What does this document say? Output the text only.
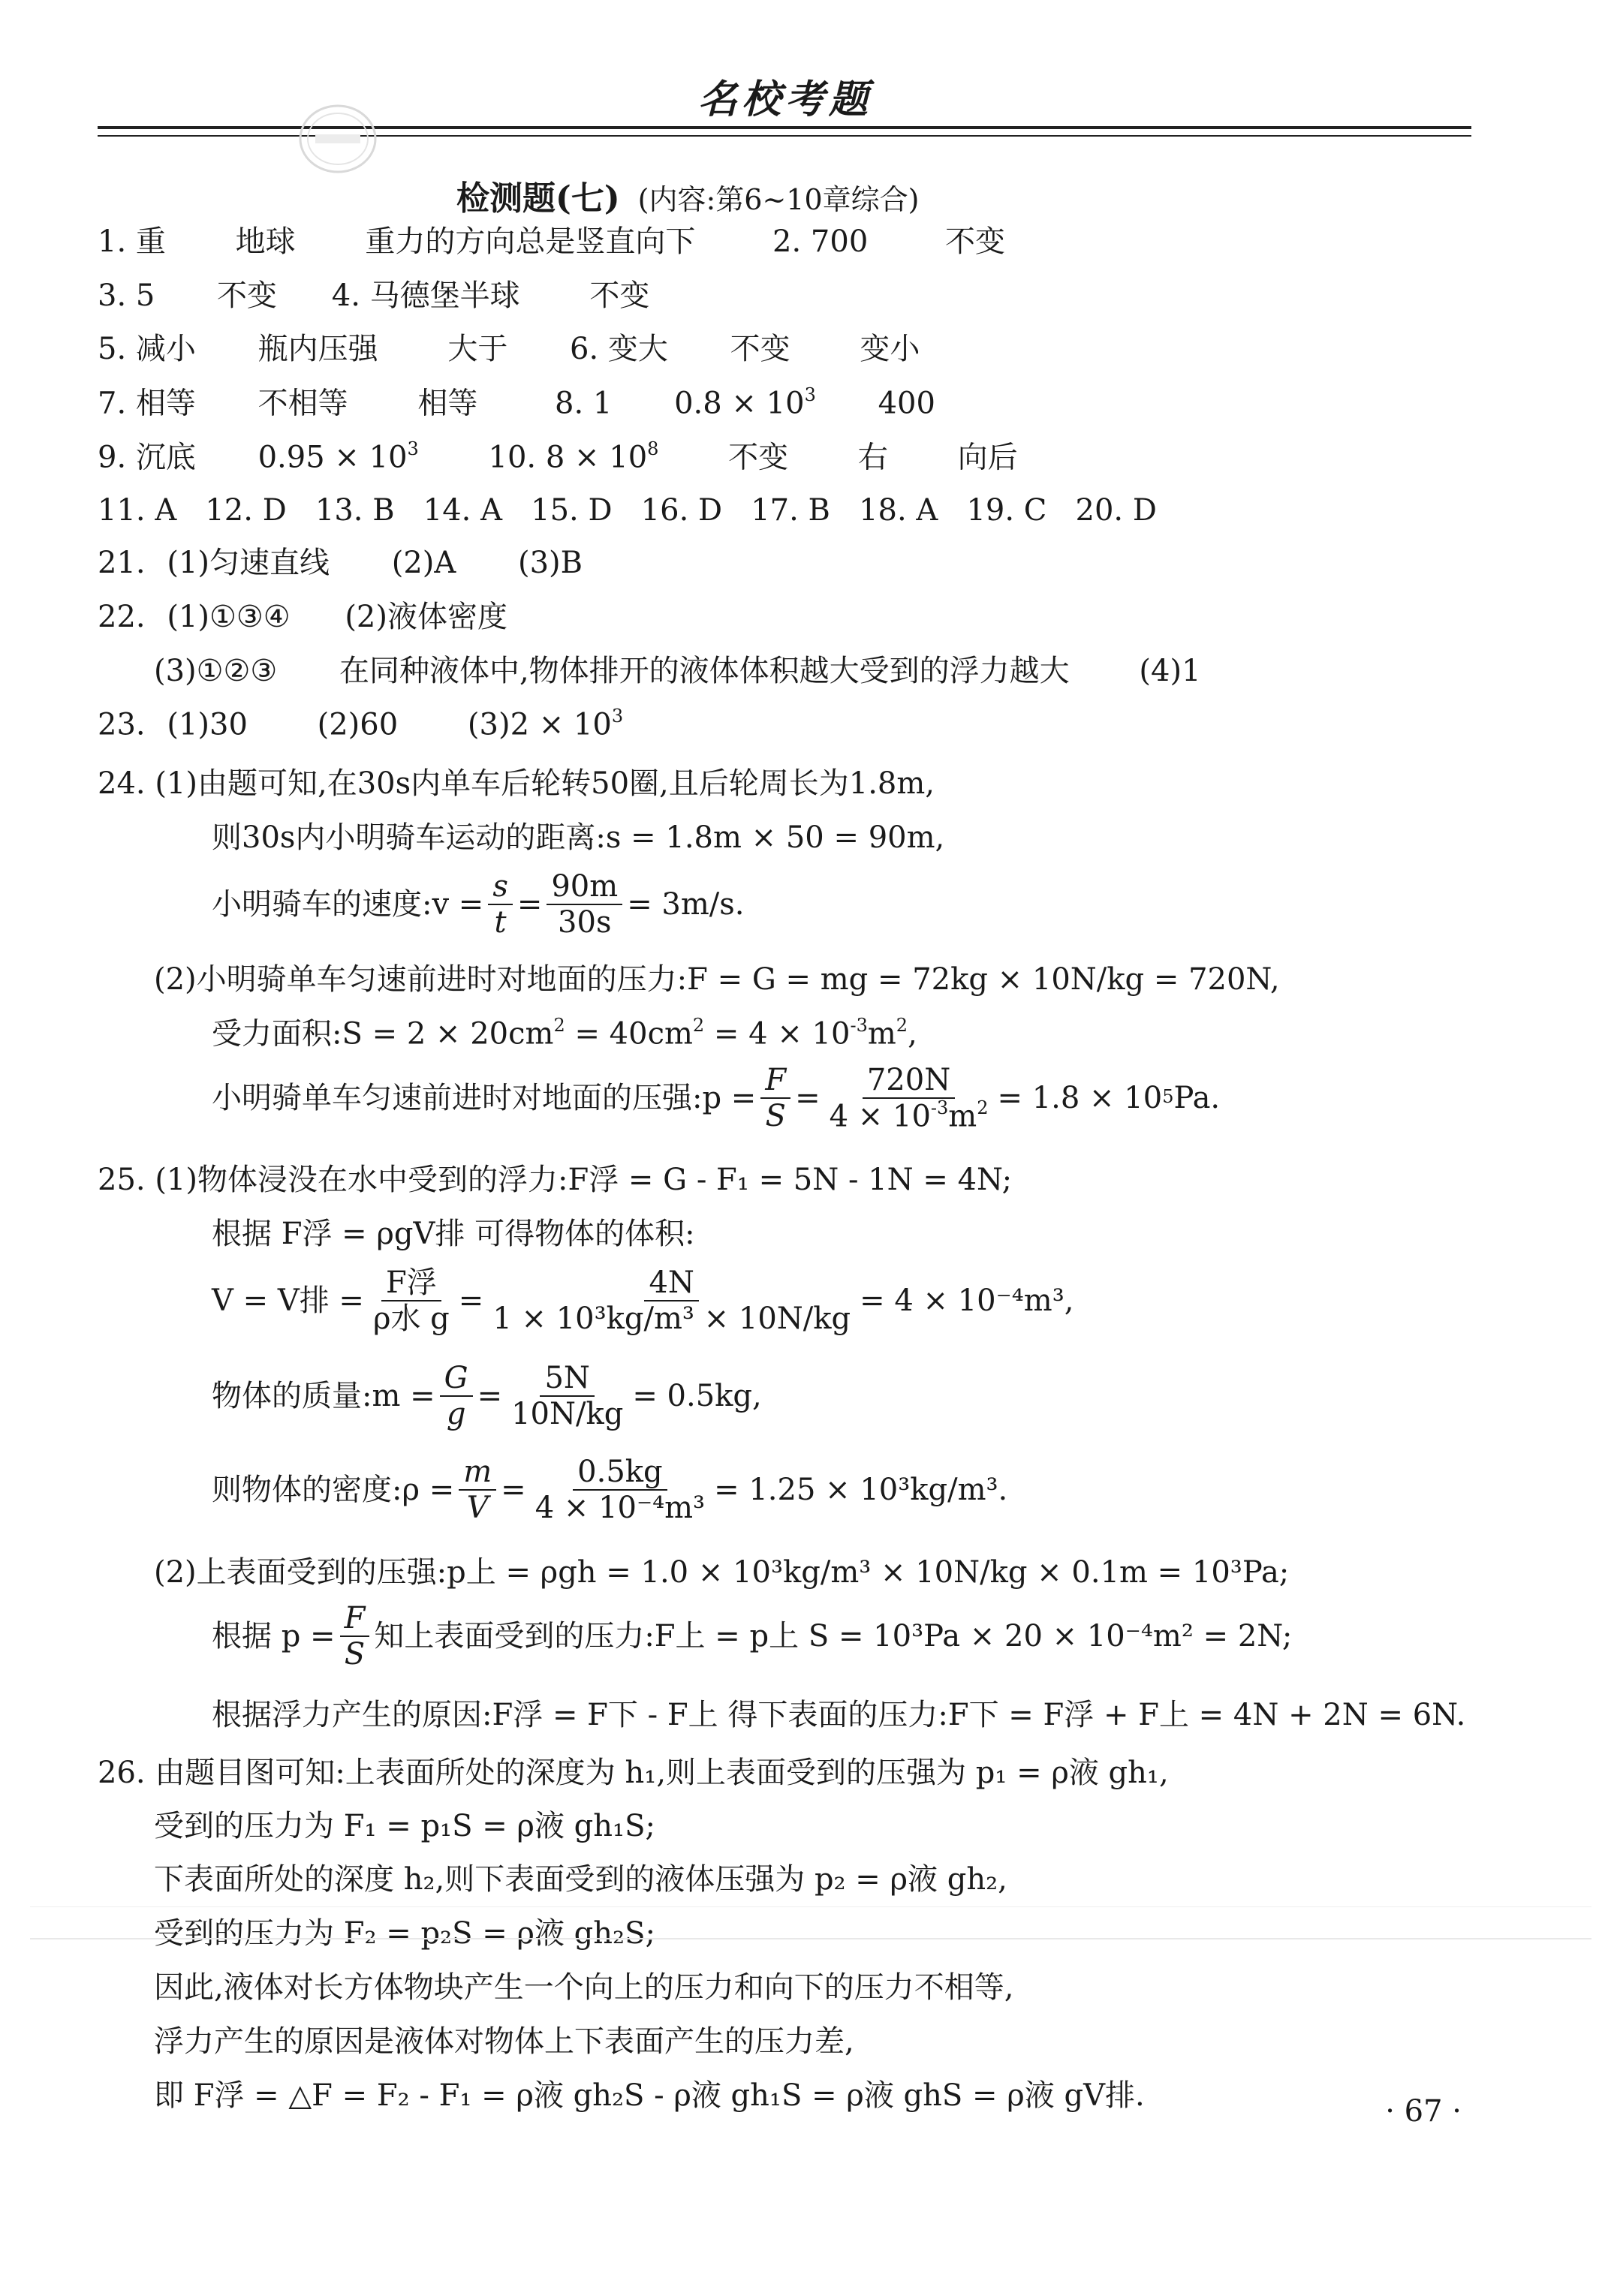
名校考题
检测题(七) (内容:第6~10章综合)
1. 重 地球 重力的方向总是竖直向下	2. 700	不变
3. 5 不变 4. 马德堡半球 不变
5. 减小 瓶内压强 大于 6. 变大 不变 变小
7. 相等 不相等 相等	8. 1 $0.8 \times 10^3$ 400
9. 沉底 $0.95 \times 10^3$ 10. $8 \times 10^8$ 不变 右 向后
11. A   12. D   13. B   14. A   15. D   16. D   17. B   18. A   19. C   20. D
21. (1)匀速直线 (2)A (3)B
22. (1)①③④ (2)液体密度
(3)①②③ 在同种液体中,物体排开的液体体积越大受到的浮力越大 (4)1
23. (1)30 (2)60 $(3)2 \times 10^3$
24. (1)由题可知,在30s内单车后轮转50圈,且后轮周长为1.8m,
则30s内小明骑车运动的距离:s = 1.8m × 50 = 90m,
小明骑车的速度:v = $\frac{s}{t} = \frac{90m}{30s} = 3m/s$.
(2)小明骑单车匀速前进时对地面的压力:F = G = mg = 72kg × 10N/kg = 720N,
受力面积:S = $2 \times 20cm^2 = 40cm^2 = 4 \times 10^{-3}m^2$,
小明骑单车匀速前进时对地面的压强:p = $\frac{F}{S} = \frac{720N}{4 \times 10^{-3}m^2} = 1.8 \times 10^5$ Pa.
25. (1)物体浸没在水中受到的浮力:F浮 = G - F₁ = 5N - 1N = 4N;
根据 F浮 = ρgV排 可得物体的体积:
V = V排 = $\frac{\text{F浮}}{\text{ρ水 g}} = \frac{4N}{\text{1 × 10³kg/m³ × 10N/kg}} = 4 \times 10^{-4}m^3$,
物体的质量:m = $\frac{G}{g} = \frac{5N}{10N/kg} = 0.5kg$,
则物体的密度:ρ = $\frac{m}{V} = \frac{0.5kg}{\text{4 × 10⁻⁴m³}} = 1.25 \times 10^3kg/m^3$.
(2)上表面受到的压强:p上 = ρgh = 1.0 × 10³kg/m³ × 10N/kg × 0.1m = 10³Pa;
根据 $p = \frac{F}{S}$ 知上表面受到的压力:F上 = p上 S = 10³Pa × 20 × 10⁻⁴m² = 2N;
根据浮力产生的原因:F浮 = F下 - F上 得下表面的压力:F下 = F浮 + F上 = 4N + 2N = 6N.
26. 由题目图可知:上表面所处的深度为 h₁,则上表面受到的压强为 p₁ = ρ液 gh₁,
受到的压力为 F₁ = p₁S = ρ液 gh₁S;
下表面所处的深度 h₂,则下表面受到的液体压强为 p₂ = ρ液 gh₂,
受到的压力为 F₂ = p₂S = ρ液 gh₂S;
因此,液体对长方体物块产生一个向上的压力和向下的压力不相等,
浮力产生的原因是液体对物体上下表面产生的压力差,
即 F浮 = △F = F₂ - F₁ = ρ液 gh₂S - ρ液 gh₁S = ρ液 ghS = ρ液 gV排.	· 67 ·
